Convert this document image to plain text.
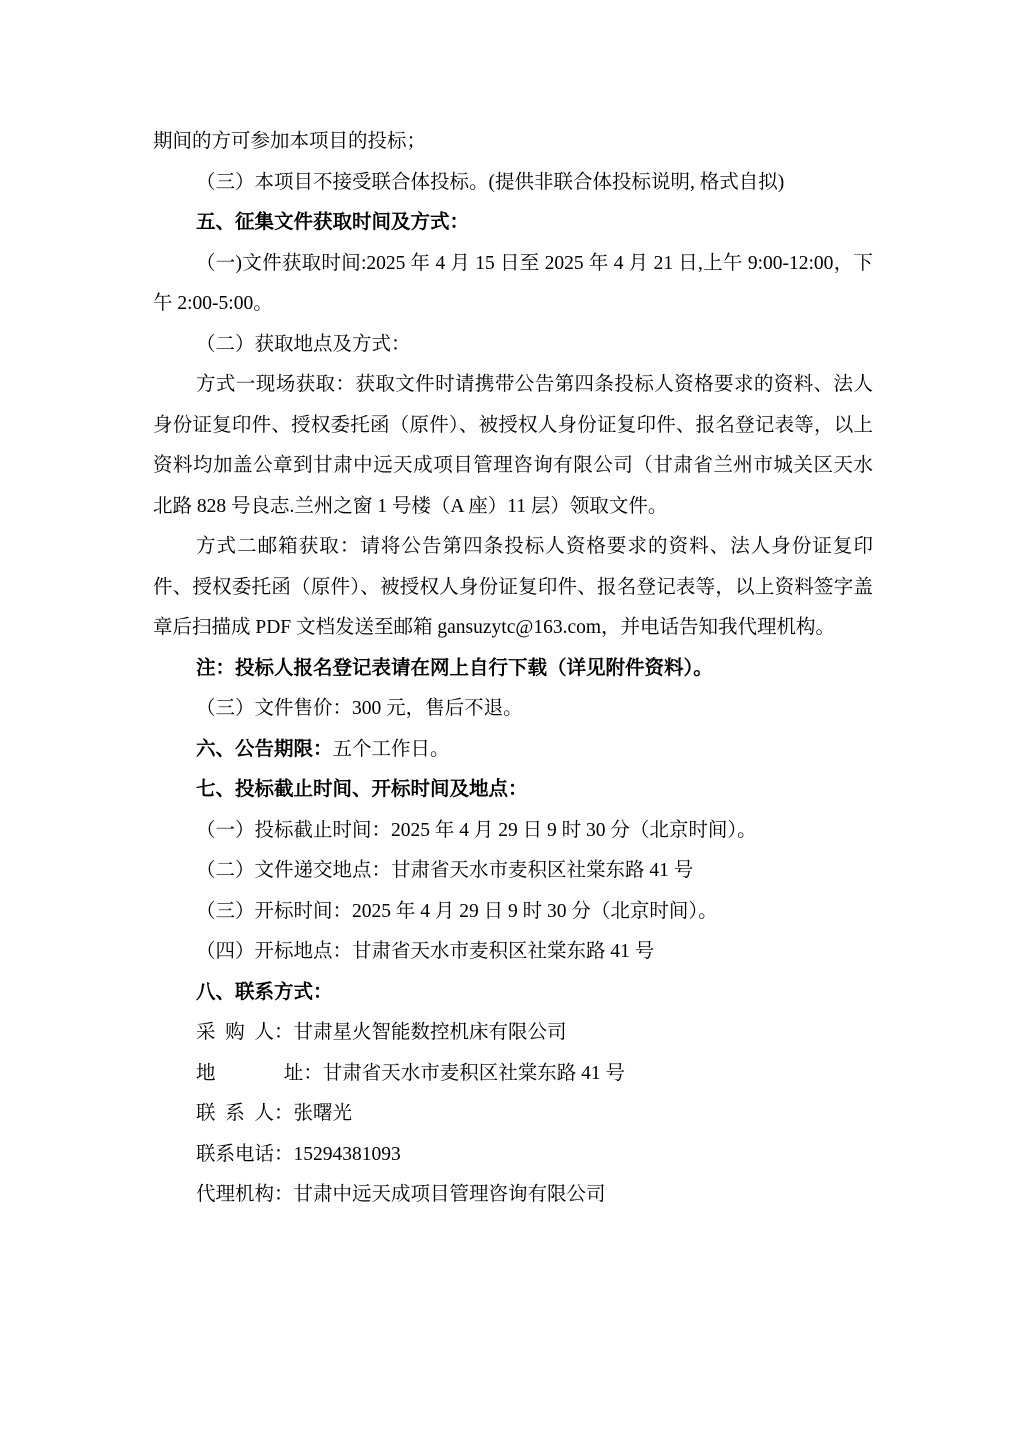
期间的方可参加本项目的投标；

（三）本项目不接受联合体投标。(提供非联合体投标说明, 格式自拟)

五、征集文件获取时间及方式：

（一)文件获取时间:2025 年 4 月 15 日至 2025 年 4 月 21 日,上午 9:00-12:00，下午 2:00-5:00。

（二）获取地点及方式：

方式一现场获取：获取文件时请携带公告第四条投标人资格要求的资料、法人身份证复印件、授权委托函（原件）、被授权人身份证复印件、报名登记表等，以上资料均加盖公章到甘肃中远天成项目管理咨询有限公司（甘肃省兰州市城关区天水北路 828 号良志.兰州之窗 1 号楼（A 座）11 层）领取文件。

方式二邮箱获取：请将公告第四条投标人资格要求的资料、法人身份证复印件、授权委托函（原件）、被授权人身份证复印件、报名登记表等，以上资料签字盖章后扫描成 PDF 文档发送至邮箱 gansuzytc@163.com，并电话告知我代理机构。

注：投标人报名登记表请在网上自行下载（详见附件资料）。

（三）文件售价：300 元，售后不退。

六、公告期限：五个工作日。

七、投标截止时间、开标时间及地点：

（一）投标截止时间：2025 年 4 月 29 日 9 时 30 分（北京时间）。

（二）文件递交地点：甘肃省天水市麦积区社棠东路 41 号

（三）开标时间：2025 年 4 月 29 日 9 时 30 分（北京时间）。

（四）开标地点：甘肃省天水市麦积区社棠东路 41 号

八、联系方式：

采  购  人：甘肃星火智能数控机床有限公司

地              址：甘肃省天水市麦积区社棠东路 41 号

联  系  人：张曙光

联系电话：15294381093

代理机构：甘肃中远天成项目管理咨询有限公司
